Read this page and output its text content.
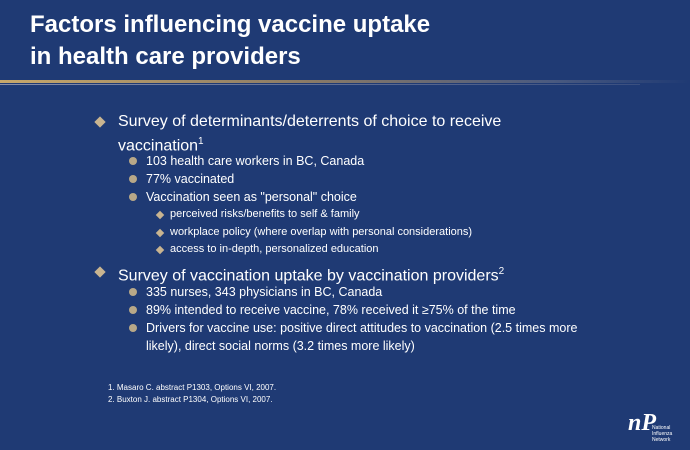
Factors influencing vaccine uptake
in health care providers
Survey of determinants/deterrents of choice to receive vaccination$^1$
103 health care workers in BC, Canada
77% vaccinated
Vaccination seen as "personal" choice
perceived risks/benefits to self & family
workplace policy (where overlap with personal considerations)
access to in-depth, personalized education
Survey of vaccination uptake by vaccination providers$^2$
335 nurses, 343 physicians in BC, Canada
89% intended to receive vaccine, 78% received it ≥75% of the time
Drivers for vaccine use: positive direct attitudes to vaccination (2.5 times more likely), direct social norms (3.2 times more likely)
1. Masaro C. abstract P1303, Options VI, 2007.
2. Buxton J. abstract P1304, Options VI, 2007.
nP
National
Influenza
Network
